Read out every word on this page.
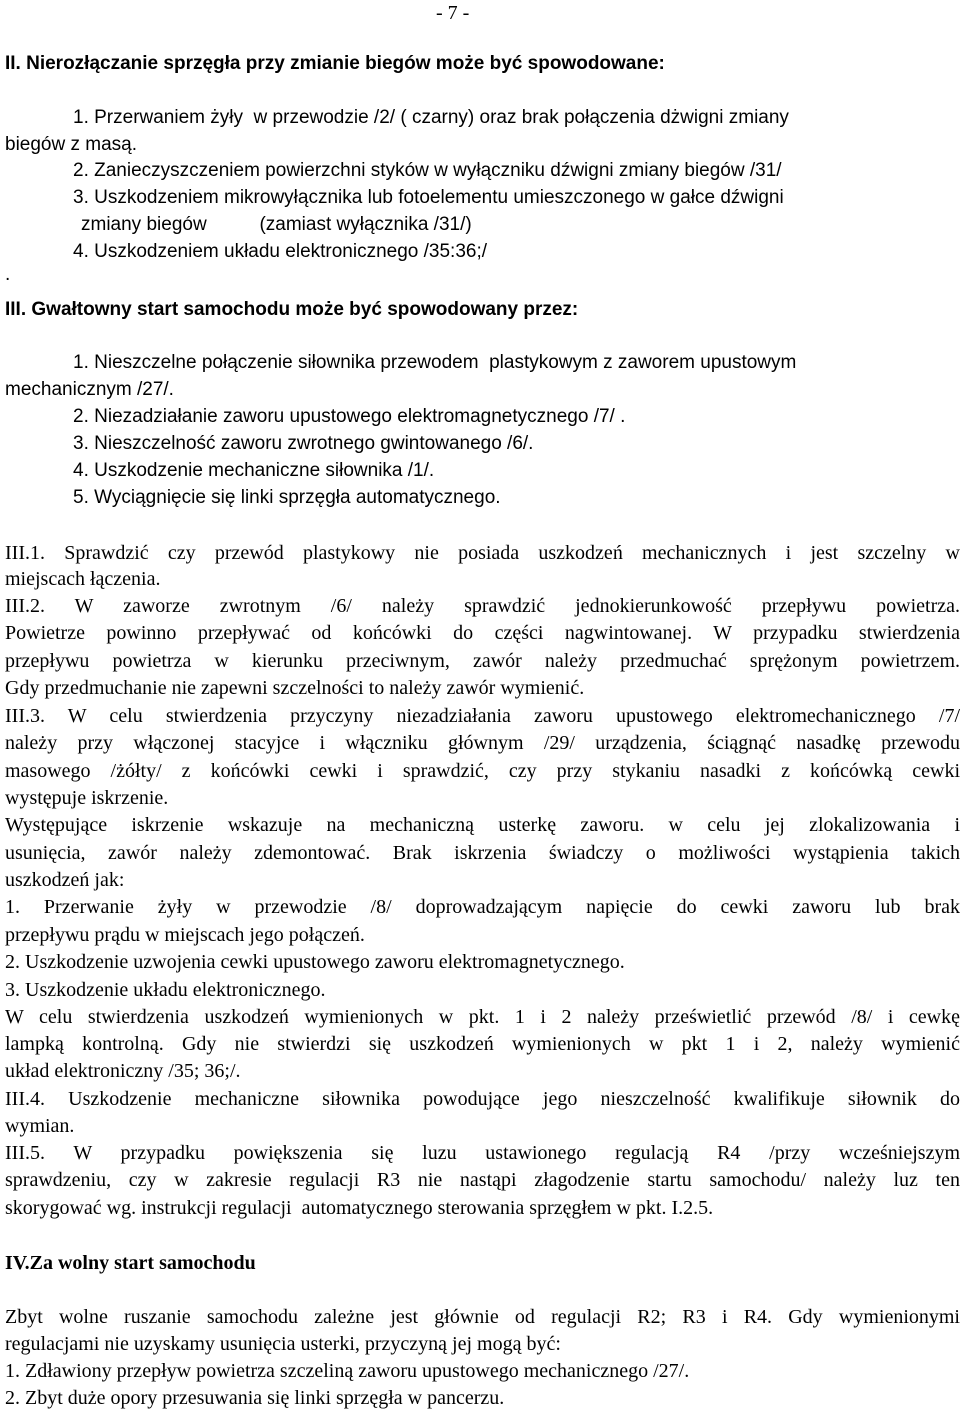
- 7 -
II. Nierozłączanie sprzęgła przy zmianie biegów może być spowodowane:
1. Przerwaniem żyły  w przewodzie /2/ ( czarny) oraz brak połączenia dżwigni zmiany
biegów z masą.
2. Zanieczyszczeniem powierzchni styków w wyłączniku dźwigni zmiany biegów /31/
3. Uszkodzeniem mikrowyłącznika lub fotoelementu umieszczonego w gałce dźwigni
zmiany biegów          (zamiast wyłącznika /31/)
4. Uszkodzeniem układu elektronicznego /35:36;/
.
III. Gwałtowny start samochodu może być spowodowany przez:
1. Nieszczelne połączenie siłownika przewodem  plastykowym z zaworem upustowym
mechanicznym /27/.
2. Niezadziałanie zaworu upustowego elektromagnetycznego /7/ .
3. Nieszczelność zaworu zwrotnego gwintowanego /6/.
4. Uszkodzenie mechaniczne siłownika /1/.
5. Wyciągnięcie się linki sprzęgła automatycznego.
III.1. Sprawdzić czy przewód plastykowy nie posiada uszkodzeń mechanicznych i jest szczelny w
miejscach łączenia.
III.2. W zaworze zwrotnym /6/ należy sprawdzić jednokierunkowość przepływu powietrza.
Powietrze powinno przepływać od końcówki do części nagwintowanej. W przypadku stwierdzenia
przepływu powietrza w kierunku przeciwnym, zawór należy przedmuchać sprężonym powietrzem.
Gdy przedmuchanie nie zapewni szczelności to należy zawór wymienić.
III.3. W celu stwierdzenia przyczyny niezadziałania zaworu upustowego elektromechanicznego /7/
należy przy włączonej stacyjce i włączniku głównym /29/ urządzenia, ściągnąć nasadkę przewodu
masowego /żółty/ z końcówki cewki i sprawdzić, czy przy stykaniu nasadki z końcówką cewki
występuje iskrzenie.
Występujące iskrzenie wskazuje na mechaniczną usterkę zaworu. w celu jej zlokalizowania i
usunięcia, zawór należy zdemontować. Brak iskrzenia świadczy o możliwości wystąpienia takich
uszkodzeń jak:
1. Przerwanie żyły w przewodzie /8/ doprowadzającym napięcie do cewki zaworu lub brak
przepływu prądu w miejscach jego połączeń.
2. Uszkodzenie uzwojenia cewki upustowego zaworu elektromagnetycznego.
3. Uszkodzenie układu elektronicznego.
W celu stwierdzenia uszkodzeń wymienionych w pkt. 1 i 2 należy prześwietlić przewód /8/ i cewkę
lampką kontrolną. Gdy nie stwierdzi się uszkodzeń wymienionych w pkt 1 i 2, należy wymienić
układ elektroniczny /35; 36;/.
III.4. Uszkodzenie mechaniczne siłownika powodujące jego nieszczelność kwalifikuje siłownik do
wymian.
III.5. W przypadku powiększenia się luzu ustawionego regulacją R4 /przy wcześniejszym
sprawdzeniu, czy w zakresie regulacji R3 nie nastąpi złagodzenie startu samochodu/ należy luz ten
skorygować wg. instrukcji regulacji  automatycznego sterowania sprzęgłem w pkt. I.2.5.
IV.Za wolny start samochodu
Zbyt wolne ruszanie samochodu zależne jest głównie od regulacji R2; R3 i R4. Gdy wymienionymi
regulacjami nie uzyskamy usunięcia usterki, przyczyną jej mogą być:
1. Zdławiony przepływ powietrza szczeliną zaworu upustowego mechanicznego /27/.
2. Zbyt duże opory przesuwania się linki sprzęgła w pancerzu.
